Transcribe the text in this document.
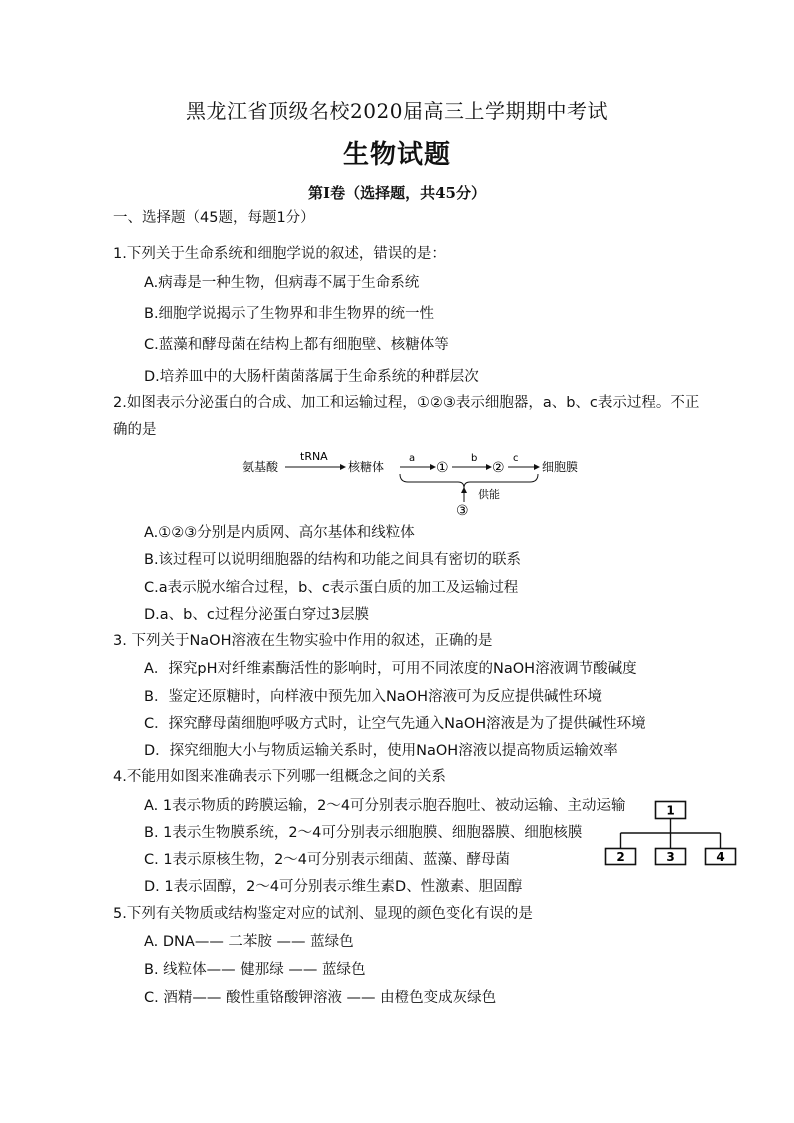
黑龙江省顶级名校2020届高三上学期期中考试
生物试题
第Ⅰ卷（选择题，共45分）
一、选择题（45题，每题1分）
1.下列关于生命系统和细胞学说的叙述，错误的是：
A.病毒是一种生物，但病毒不属于生命系统
B.细胞学说揭示了生物界和非生物界的统一性
C.蓝藻和酵母菌在结构上都有细胞壁、核糖体等
D.培养皿中的大肠杆菌菌落属于生命系统的种群层次
2.如图表示分泌蛋白的合成、加工和运输过程，①②③表示细胞器，a、b、c表示过程。不正
确的是
氨基酸
tRNA
核糖体
a
①
b
②
c
细胞膜
供能
③
A.①②③分别是内质网、高尔基体和线粒体
B.该过程可以说明细胞器的结构和功能之间具有密切的联系
C.a表示脱水缩合过程，b、c表示蛋白质的加工及运输过程
D.a、b、c过程分泌蛋白穿过3层膜
3. 下列关于NaOH溶液在生物实验中作用的叙述，正确的是
A．探究pH对纤维素酶活性的影响时，可用不同浓度的NaOH溶液调节酸碱度
B．鉴定还原糖时，向样液中预先加入NaOH溶液可为反应提供碱性环境
C．探究酵母菌细胞呼吸方式时，让空气先通入NaOH溶液是为了提供碱性环境
D．探究细胞大小与物质运输关系时，使用NaOH溶液以提高物质运输效率
4.不能用如图来准确表示下列哪一组概念之间的关系
A. 1表示物质的跨膜运输，2～4可分别表示胞吞胞吐、被动运输、主动运输
B. 1表示生物膜系统，2～4可分别表示细胞膜、细胞器膜、细胞核膜
C. 1表示原核生物，2～4可分别表示细菌、蓝藻、酵母菌
D. 1表示固醇，2～4可分别表示维生素D、性激素、胆固醇
1
2	3	4
5.下列有关物质或结构鉴定对应的试剂、显现的颜色变化有误的是
A. DNA—— 二苯胺 —— 蓝绿色
B. 线粒体—— 健那绿 —— 蓝绿色
C. 酒精—— 酸性重铬酸钾溶液 —— 由橙色变成灰绿色
